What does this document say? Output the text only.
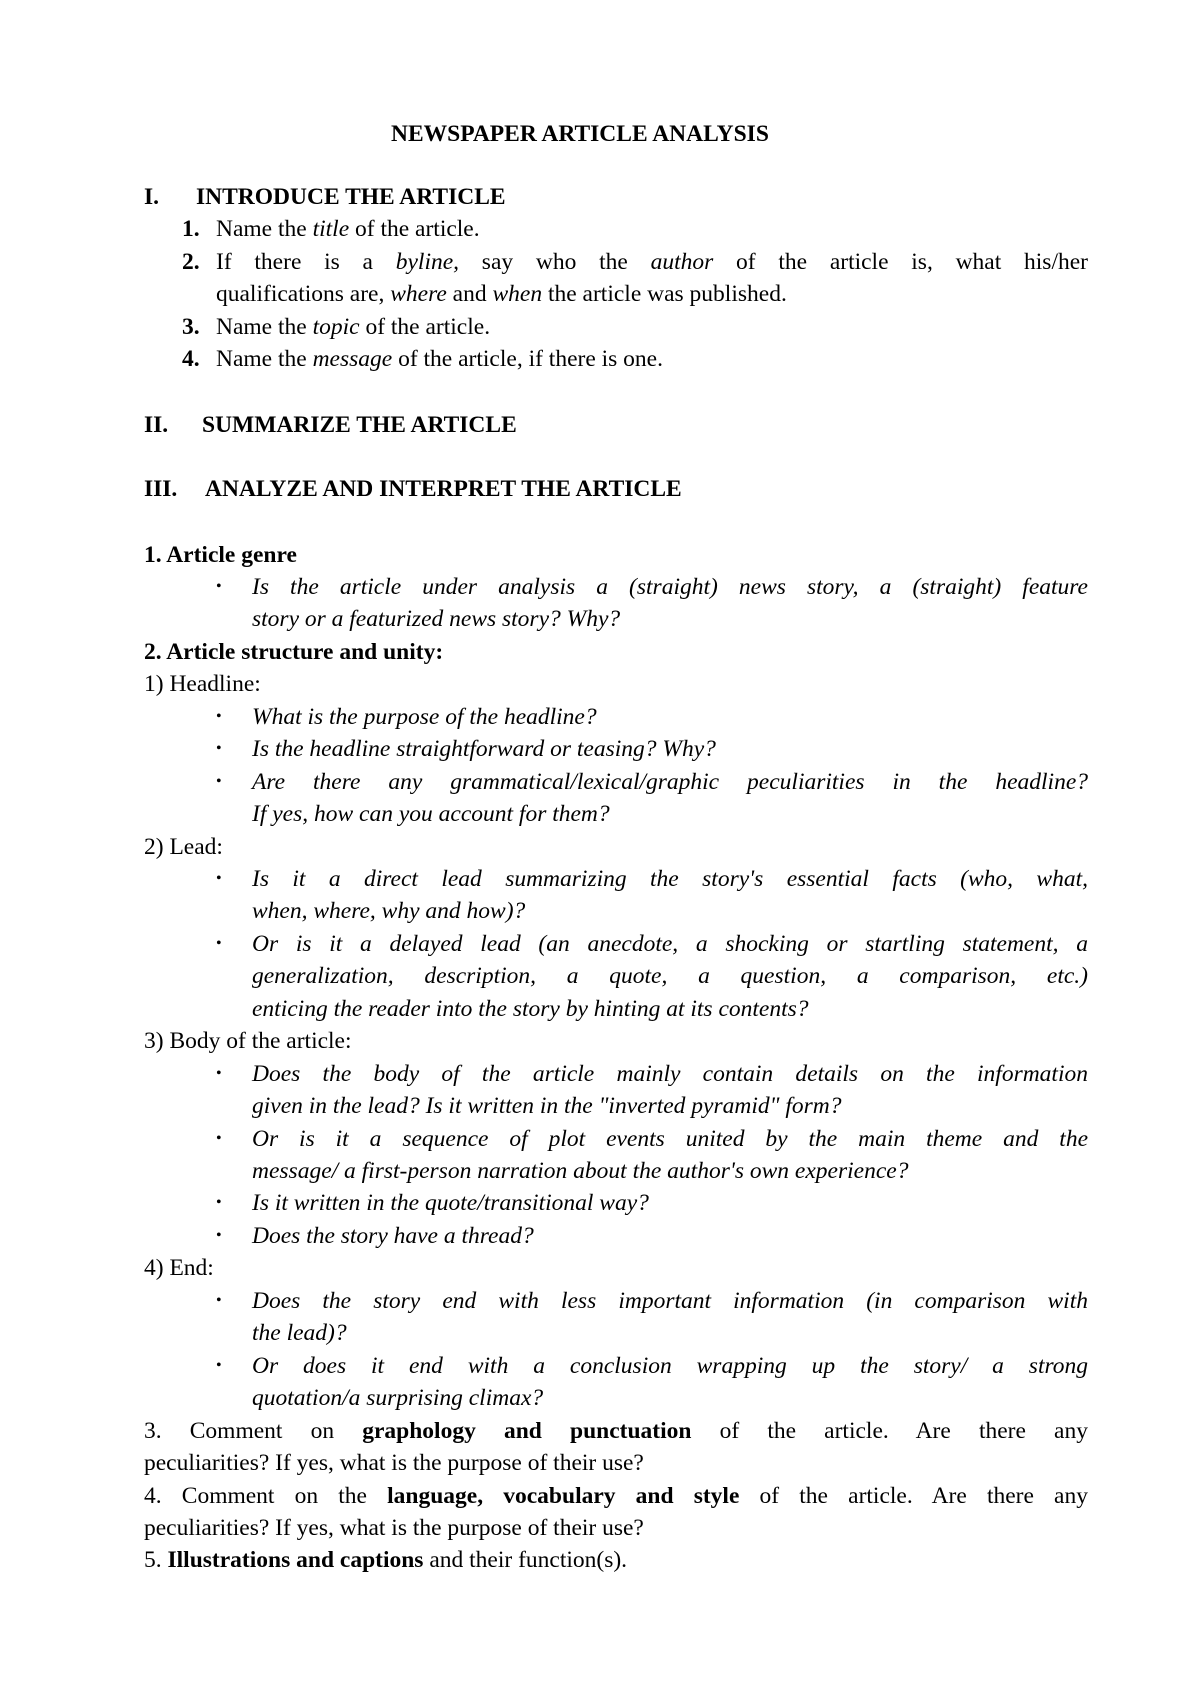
NEWSPAPER ARTICLE ANALYSIS
I. INTRODUCE THE ARTICLE
1. Name the title of the article.
2. If there is a byline, say who the author of the article is, what his/her
qualifications are, where and when the article was published.
3. Name the topic of the article.
4. Name the message of the article, if there is one.
II. SUMMARIZE THE ARTICLE
III. ANALYZE AND INTERPRET THE ARTICLE
1. Article genre
• Is the article under analysis a (straight) news story, a (straight) feature
story or a featurized news story? Why?
2. Article structure and unity:
1) Headline:
• What is the purpose of the headline?
• Is the headline straightforward or teasing? Why?
• Are there any grammatical/lexical/graphic peculiarities in the headline?
If yes, how can you account for them?
2) Lead:
• Is it a direct lead summarizing the story's essential facts (who, what,
when, where, why and how)?
• Or is it a delayed lead (an anecdote, a shocking or startling statement, a
generalization, description, a quote, a question, a comparison, etc.)
enticing the reader into the story by hinting at its contents?
3) Body of the article:
• Does the body of the article mainly contain details on the information
given in the lead? Is it written in the "inverted pyramid" form?
• Or is it a sequence of plot events united by the main theme and the
message/ a first-person narration about the author's own experience?
• Is it written in the quote/transitional way?
• Does the story have a thread?
4) End:
• Does the story end with less important information (in comparison with
the lead)?
• Or does it end with a conclusion wrapping up the story/ a strong
quotation/a surprising climax?
3. Comment on graphology and punctuation of the article. Are there any
peculiarities? If yes, what is the purpose of their use?
4. Comment on the language, vocabulary and style of the article. Are there any
peculiarities? If yes, what is the purpose of their use?
5. Illustrations and captions and their function(s).
